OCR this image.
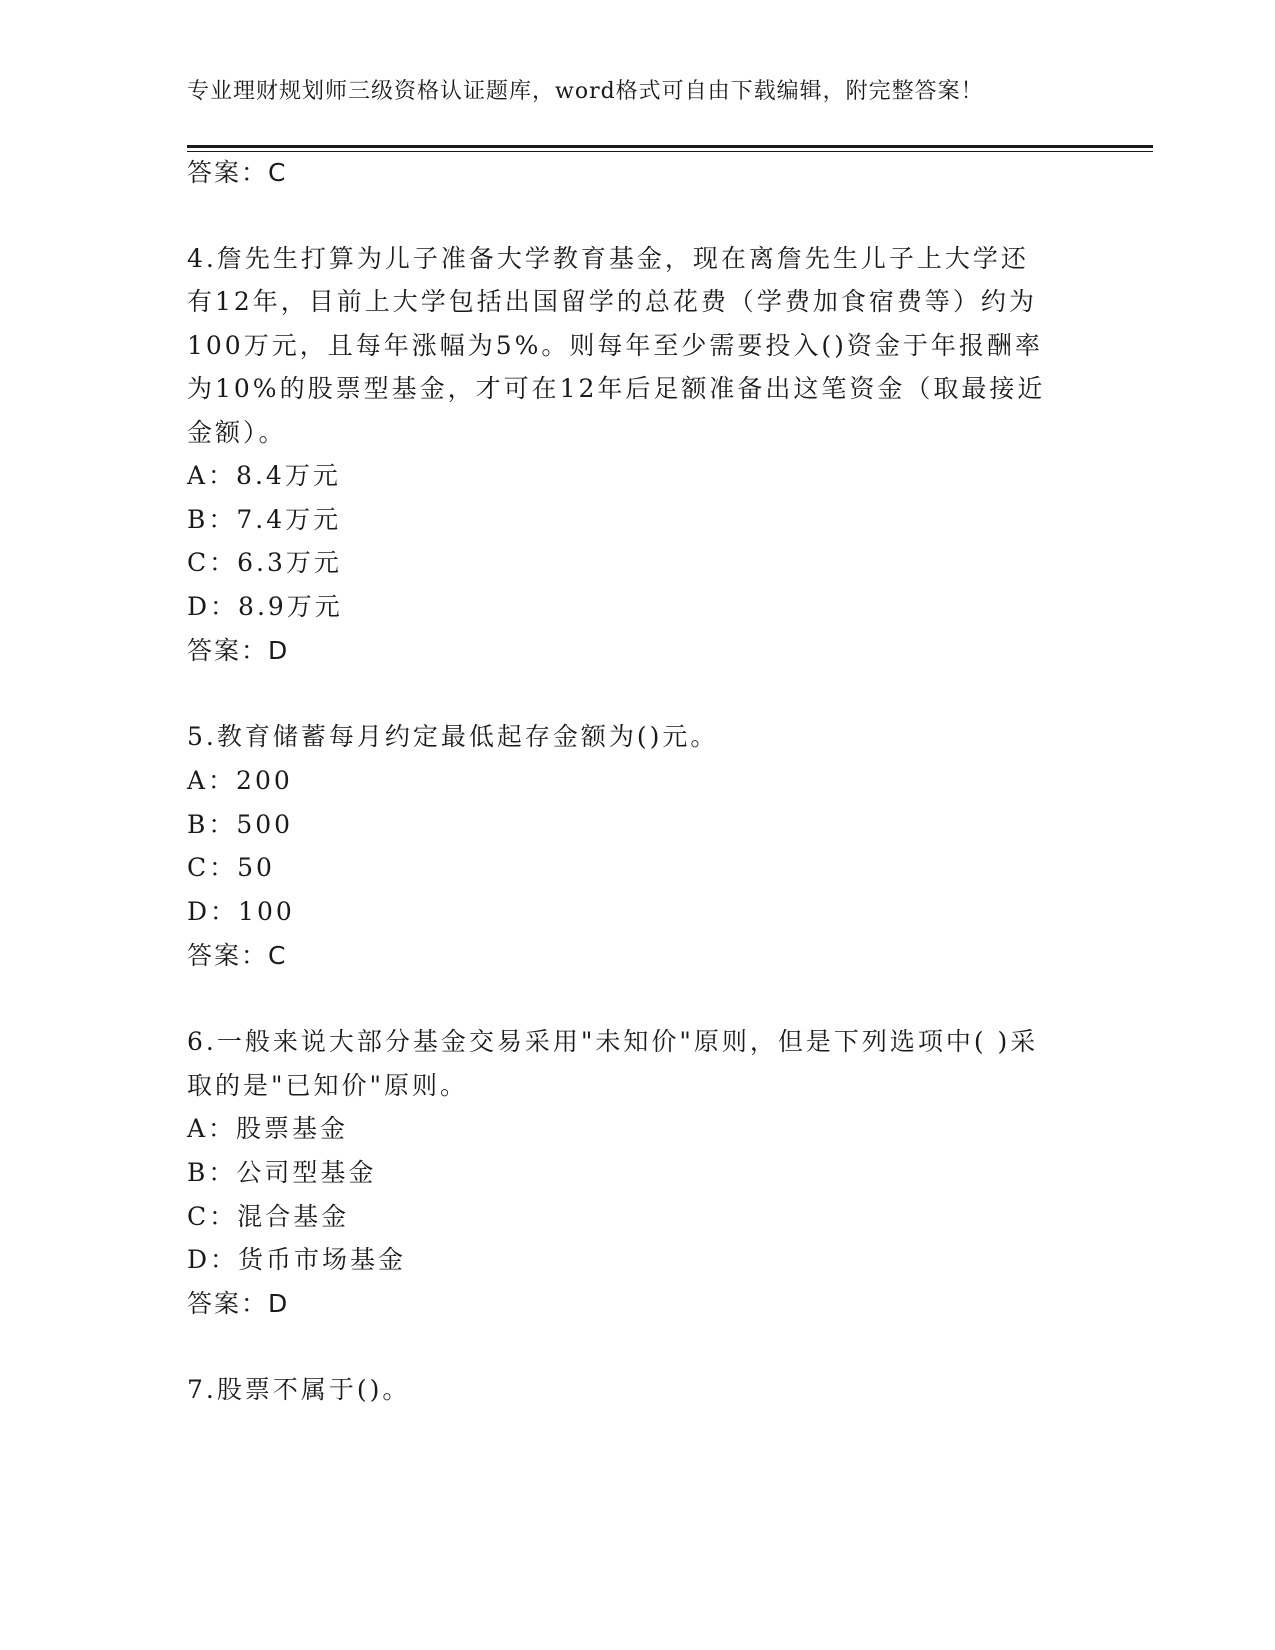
专业理财规划师三级资格认证题库，word格式可自由下载编辑，附完整答案！
答案：C
4.詹先生打算为儿子准备大学教育基金，现在离詹先生儿子上大学还
有12年，目前上大学包括出国留学的总花费（学费加食宿费等）约为
100万元，且每年涨幅为5%。则每年至少需要投入()资金于年报酬率
为10%的股票型基金，才可在12年后足额准备出这笔资金（取最接近
金额）。
A：8.4万元
B：7.4万元
C：6.3万元
D：8.9万元
答案：D
5.教育储蓄每月约定最低起存金额为()元。
A：200
B：500
C：50
D：100
答案：C
6.一般来说大部分基金交易采用"未知价"原则，但是下列选项中( )采
取的是"已知价"原则。
A：股票基金
B：公司型基金
C：混合基金
D：货币市场基金
答案：D
7.股票不属于()。
